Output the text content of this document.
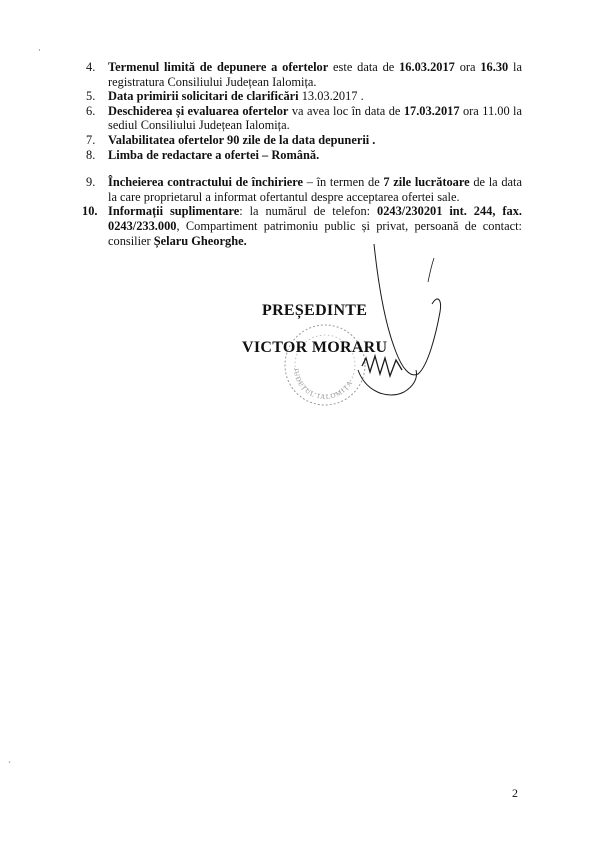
4. Termenul limită de depunere a ofertelor este data de 16.03.2017 ora 16.30 la registratura Consiliului Județean Ialomița.
5. Data primirii solicitari de clarificări 13.03.2017 .
6. Deschiderea și evaluarea ofertelor va avea loc în data de 17.03.2017 ora 11.00 la sediul Consiliului Județean Ialomița.
7. Valabilitatea ofertelor 90 zile de la data depunerii .
8. Limba de redactare a ofertei – Română.
9. Încheierea contractului de închiriere – în termen de 7 zile lucrătoare de la data la care proprietarul a informat ofertantul despre acceptarea ofertei sale.
10. Informații suplimentare: la numărul de telefon: 0243/230201 int. 244, fax. 0243/233.000, Compartiment patrimoniu public și privat, persoană de contact: consilier Șelaru Gheorghe.
JUDEȚUL IALOMIȚA
PREȘEDINTE
VICTOR MORARU
2
·
ˊ
